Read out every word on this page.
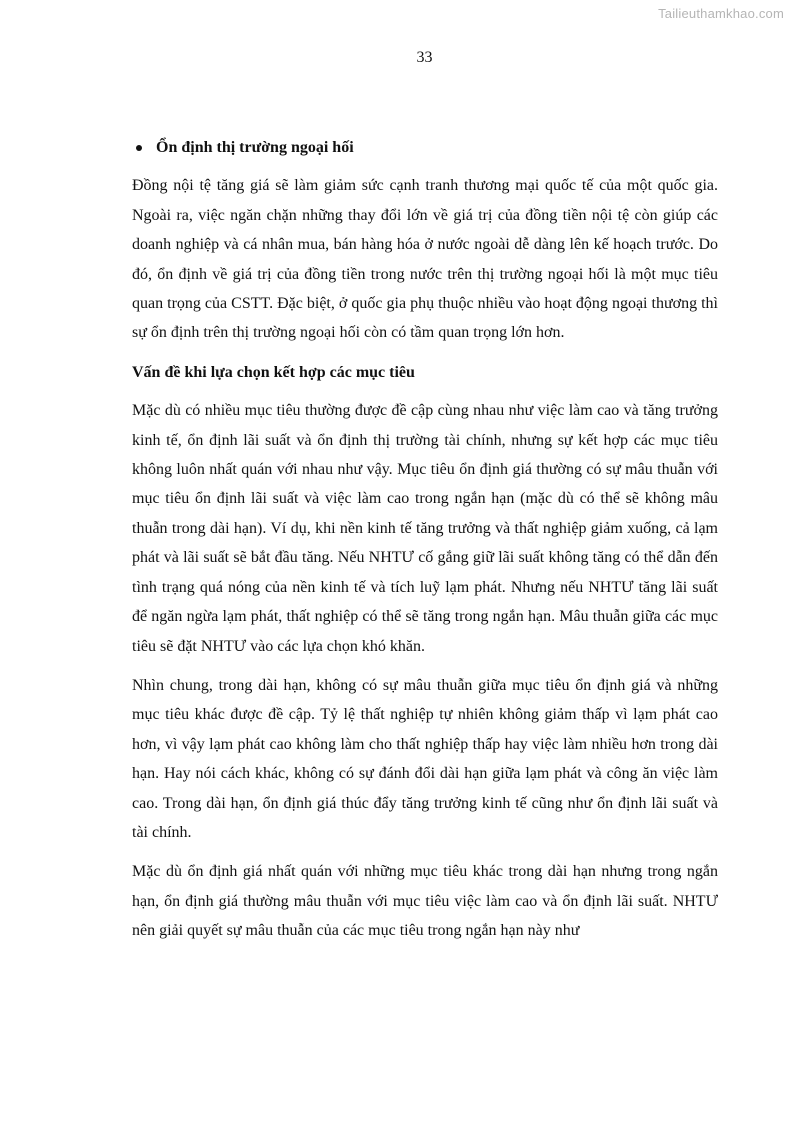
Tailieuthamkhao.com
33
Ổn định thị trường ngoại hối

Đồng nội tệ tăng giá sẽ làm giảm sức cạnh tranh thương mại quốc tế của một quốc gia. Ngoài ra, việc ngăn chặn những thay đổi lớn về giá trị của đồng tiền nội tệ còn giúp các doanh nghiệp và cá nhân mua, bán hàng hóa ở nước ngoài dễ dàng lên kế hoạch trước. Do đó, ổn định về giá trị của đồng tiền trong nước trên thị trường ngoại hối là một mục tiêu quan trọng của CSTT. Đặc biệt, ở quốc gia phụ thuộc nhiều vào hoạt động ngoại thương thì sự ổn định trên thị trường ngoại hối còn có tầm quan trọng lớn hơn.

Vấn đề khi lựa chọn kết hợp các mục tiêu

Mặc dù có nhiều mục tiêu thường được đề cập cùng nhau như việc làm cao và tăng trưởng kinh tế, ổn định lãi suất và ổn định thị trường tài chính, nhưng sự kết hợp các mục tiêu không luôn nhất quán với nhau như vậy. Mục tiêu ổn định giá thường có sự mâu thuẫn với mục tiêu ổn định lãi suất và việc làm cao trong ngắn hạn (mặc dù có thể sẽ không mâu thuẫn trong dài hạn). Ví dụ, khi nền kinh tế tăng trưởng và thất nghiệp giảm xuống, cả lạm phát và lãi suất sẽ bắt đầu tăng. Nếu NHTƯ cố gắng giữ lãi suất không tăng có thể dẫn đến tình trạng quá nóng của nền kinh tế và tích luỹ lạm phát. Nhưng nếu NHTƯ tăng lãi suất để ngăn ngừa lạm phát, thất nghiệp có thể sẽ tăng trong ngắn hạn. Mâu thuẫn giữa các mục tiêu sẽ đặt NHTƯ vào các lựa chọn khó khăn.

Nhìn chung, trong dài hạn, không có sự mâu thuẫn giữa mục tiêu ổn định giá và những mục tiêu khác được đề cập. Tỷ lệ thất nghiệp tự nhiên không giảm thấp vì lạm phát cao hơn, vì vậy lạm phát cao không làm cho thất nghiệp thấp hay việc làm nhiều hơn trong dài hạn. Hay nói cách khác, không có sự đánh đổi dài hạn giữa lạm phát và công ăn việc làm cao. Trong dài hạn, ổn định giá thúc đẩy tăng trưởng kinh tế cũng như ổn định lãi suất và tài chính.

Mặc dù ổn định giá nhất quán với những mục tiêu khác trong dài hạn nhưng trong ngắn hạn, ổn định giá thường mâu thuẫn với mục tiêu việc làm cao và ổn định lãi suất. NHTƯ nên giải quyết sự mâu thuẫn của các mục tiêu trong ngắn hạn này như
